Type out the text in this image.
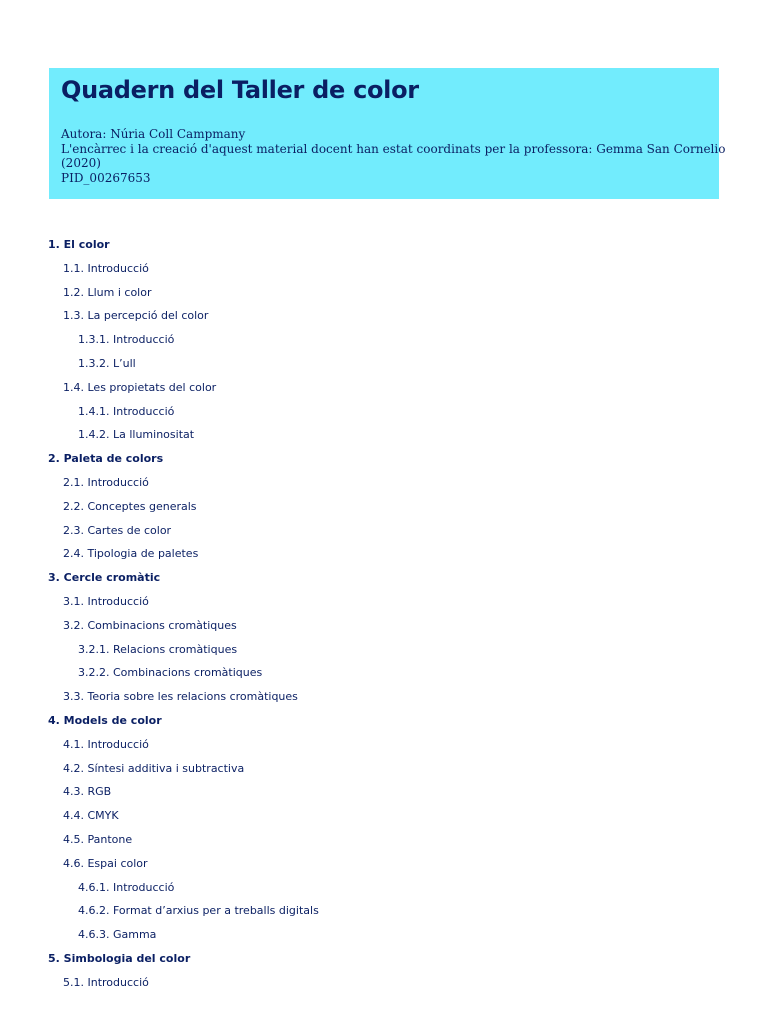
Quadern del Taller de color
Autora: Núria Coll Campmany
L'encàrrec i la creació d'aquest material docent han estat coordinats per la professora: Gemma San Cornelio
(2020)
PID_00267653
1. El color
1.1. Introducció
1.2. Llum i color
1.3. La percepció del color
1.3.1. Introducció
1.3.2. L’ull
1.4. Les propietats del color
1.4.1. Introducció
1.4.2. La lluminositat
2. Paleta de colors
2.1. Introducció
2.2. Conceptes generals
2.3. Cartes de color
2.4. Tipologia de paletes
3. Cercle cromàtic
3.1. Introducció
3.2. Combinacions cromàtiques
3.2.1. Relacions cromàtiques
3.2.2. Combinacions cromàtiques
3.3. Teoria sobre les relacions cromàtiques
4. Models de color
4.1. Introducció
4.2. Síntesi additiva i subtractiva
4.3. RGB
4.4. CMYK
4.5. Pantone
4.6. Espai color
4.6.1. Introducció
4.6.2. Format d’arxius per a treballs digitals
4.6.3. Gamma
5. Simbologia del color
5.1. Introducció
